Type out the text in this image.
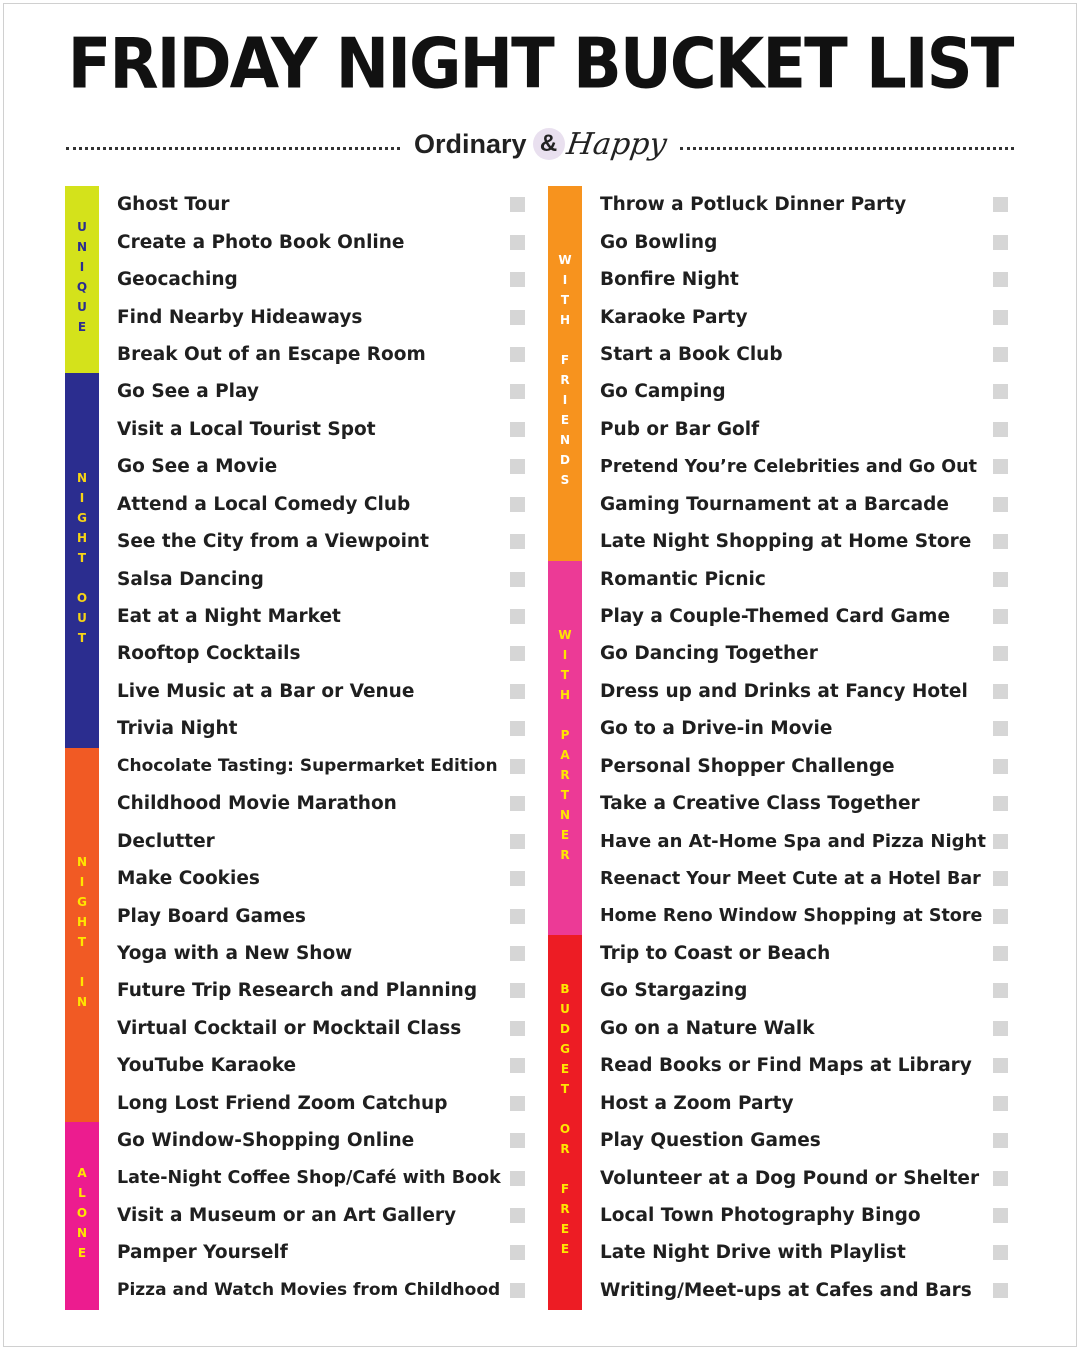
FRIDAY NIGHT BUCKET LIST
Ordinary & Happy
UNIQUE
NIGHT OUT
NIGHT IN
ALONE
Ghost Tour
Create a Photo Book Online
Geocaching
Find Nearby Hideaways
Break Out of an Escape Room
Go See a Play
Visit a Local Tourist Spot
Go See a Movie
Attend a Local Comedy Club
See the City from a Viewpoint
Salsa Dancing
Eat at a Night Market
Rooftop Cocktails
Live Music at a Bar or Venue
Trivia Night
Chocolate Tasting: Supermarket Edition
Childhood Movie Marathon
Declutter
Make Cookies
Play Board Games
Yoga with a New Show
Future Trip Research and Planning
Virtual Cocktail or Mocktail Class
YouTube Karaoke
Long Lost Friend Zoom Catchup
Go Window-Shopping Online
Late-Night Coffee Shop/Café with Book
Visit a Museum or an Art Gallery
Pamper Yourself
Pizza and Watch Movies from Childhood
WITH FRIENDS
WITH PARTNER
BUDGET OR FREE
Throw a Potluck Dinner Party
Go Bowling
Bonfire Night
Karaoke Party
Start a Book Club
Go Camping
Pub or Bar Golf
Pretend You’re Celebrities and Go Out
Gaming Tournament at a Barcade
Late Night Shopping at Home Store
Romantic Picnic
Play a Couple-Themed Card Game
Go Dancing Together
Dress up and Drinks at Fancy Hotel
Go to a Drive-in Movie
Personal Shopper Challenge
Take a Creative Class Together
Have an At-Home Spa and Pizza Night
Reenact Your Meet Cute at a Hotel Bar
Home Reno Window Shopping at Store
Trip to Coast or Beach
Go Stargazing
Go on a Nature Walk
Read Books or Find Maps at Library
Host a Zoom Party
Play Question Games
Volunteer at a Dog Pound or Shelter
Local Town Photography Bingo
Late Night Drive with Playlist
Writing/Meet-ups at Cafes and Bars
